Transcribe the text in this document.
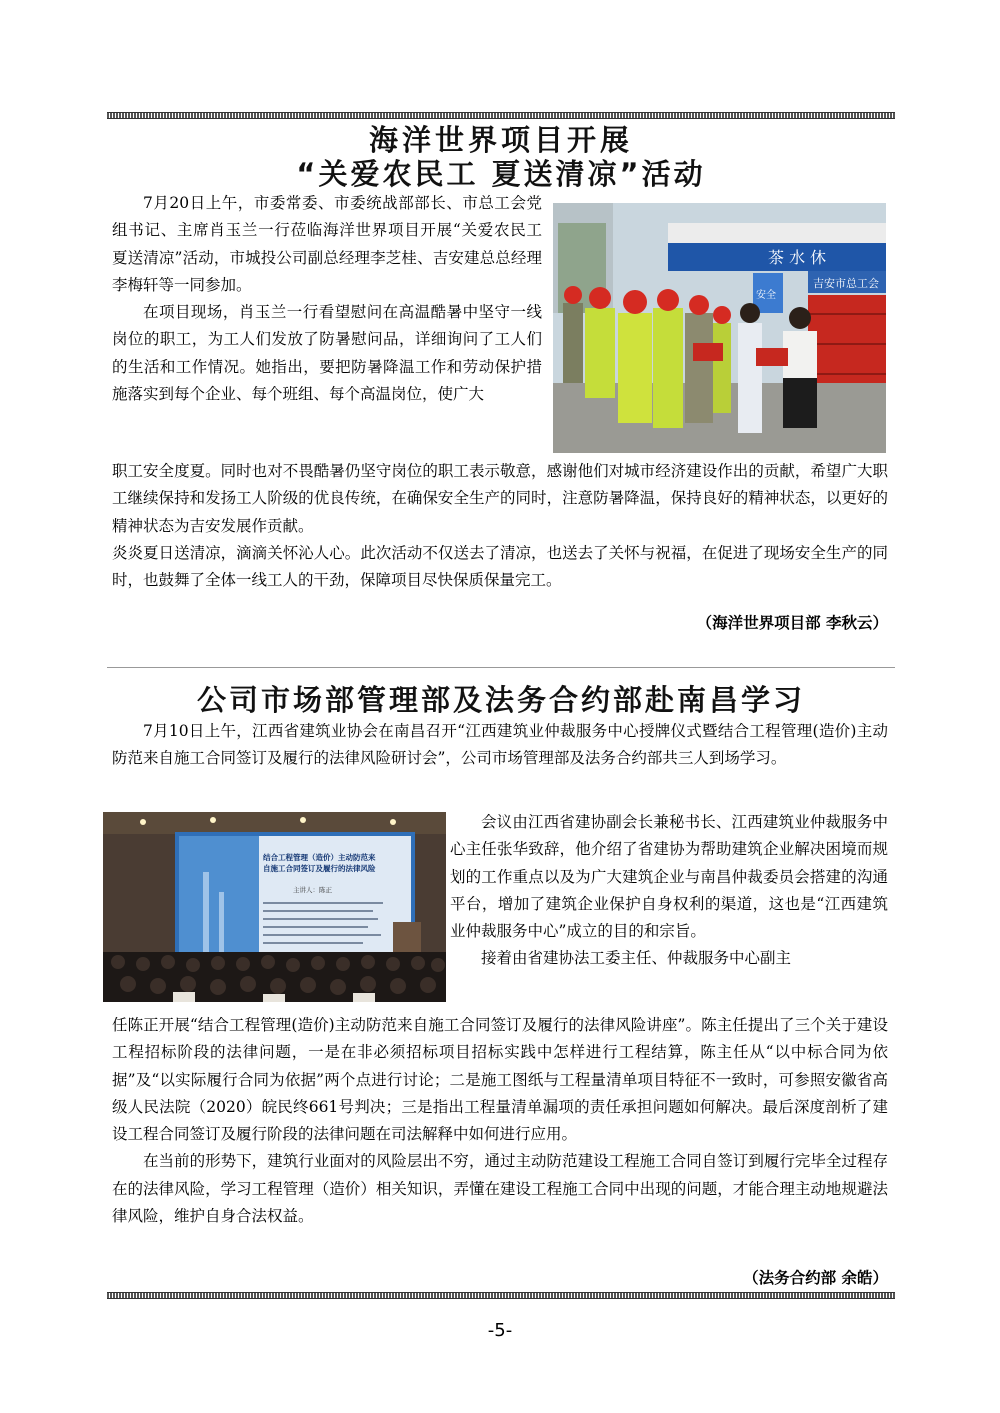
海洋世界项目开展
“关爱农民工 夏送清凉”活动

7月20日上午，市委常委、市委统战部部长、市总工会党组书记、主席肖玉兰一行莅临海洋世界项目开展“关爱农民工 夏送清凉”活动，市城投公司副总经理李芝桂、吉安建总总经理李梅轩等一同参加。

在项目现场，肖玉兰一行看望慰问在高温酷暑中坚守一线岗位的职工，为工人们发放了防暑慰问品，详细询问了工人们的生活和工作情况。她指出，要把防暑降温工作和劳动保护措施落实到每个企业、每个班组、每个高温岗位，使广大

茶 水 休
吉安市总工会
安全

职工安全度夏。同时也对不畏酷暑仍坚守岗位的职工表示敬意，感谢他们对城市经济建设作出的贡献，希望广大职工继续保持和发扬工人阶级的优良传统，在确保安全生产的同时，注意防暑降温，保持良好的精神状态，以更好的精神状态为吉安发展作贡献。

炎炎夏日送清凉，滴滴关怀沁人心。此次活动不仅送去了清凉，也送去了关怀与祝福，在促进了现场安全生产的同时，也鼓舞了全体一线工人的干劲，保障项目尽快保质保量完工。

（海洋世界项目部 李秋云）
公司市场部管理部及法务合约部赴南昌学习

7月10日上午，江西省建筑业协会在南昌召开“江西建筑业仲裁服务中心授牌仪式暨结合工程管理(造价)主动防范来自施工合同签订及履行的法律风险研讨会”，公司市场管理部及法务合约部共三人到场学习。

结合工程管理（造价）主动防范来 自施工合同签订及履行的法律风险
主讲人：陈正

会议由江西省建协副会长兼秘书长、江西建筑业仲裁服务中心主任张华致辞，他介绍了省建协为帮助建筑企业解决困境而规划的工作重点以及为广大建筑企业与南昌仲裁委员会搭建的沟通平台，增加了建筑企业保护自身权利的渠道，这也是“江西建筑业仲裁服务中心”成立的目的和宗旨。

接着由省建协法工委主任、仲裁服务中心副主

任陈正开展“结合工程管理(造价)主动防范来自施工合同签订及履行的法律风险讲座”。陈主任提出了三个关于建设工程招标阶段的法律问题，一是在非必须招标项目招标实践中怎样进行工程结算，陈主任从“以中标合同为依据”及“以实际履行合同为依据”两个点进行讨论；二是施工图纸与工程量清单项目特征不一致时，可参照安徽省高级人民法院（2020）皖民终661号判决；三是指出工程量清单漏项的责任承担问题如何解决。最后深度剖析了建设工程合同签订及履行阶段的法律问题在司法解释中如何进行应用。

在当前的形势下，建筑行业面对的风险层出不穷，通过主动防范建设工程施工合同自签订到履行完毕全过程存在的法律风险，学习工程管理（造价）相关知识，弄懂在建设工程施工合同中出现的问题，才能合理主动地规避法律风险，维护自身合法权益。

（法务合约部 余皓）
-5-
